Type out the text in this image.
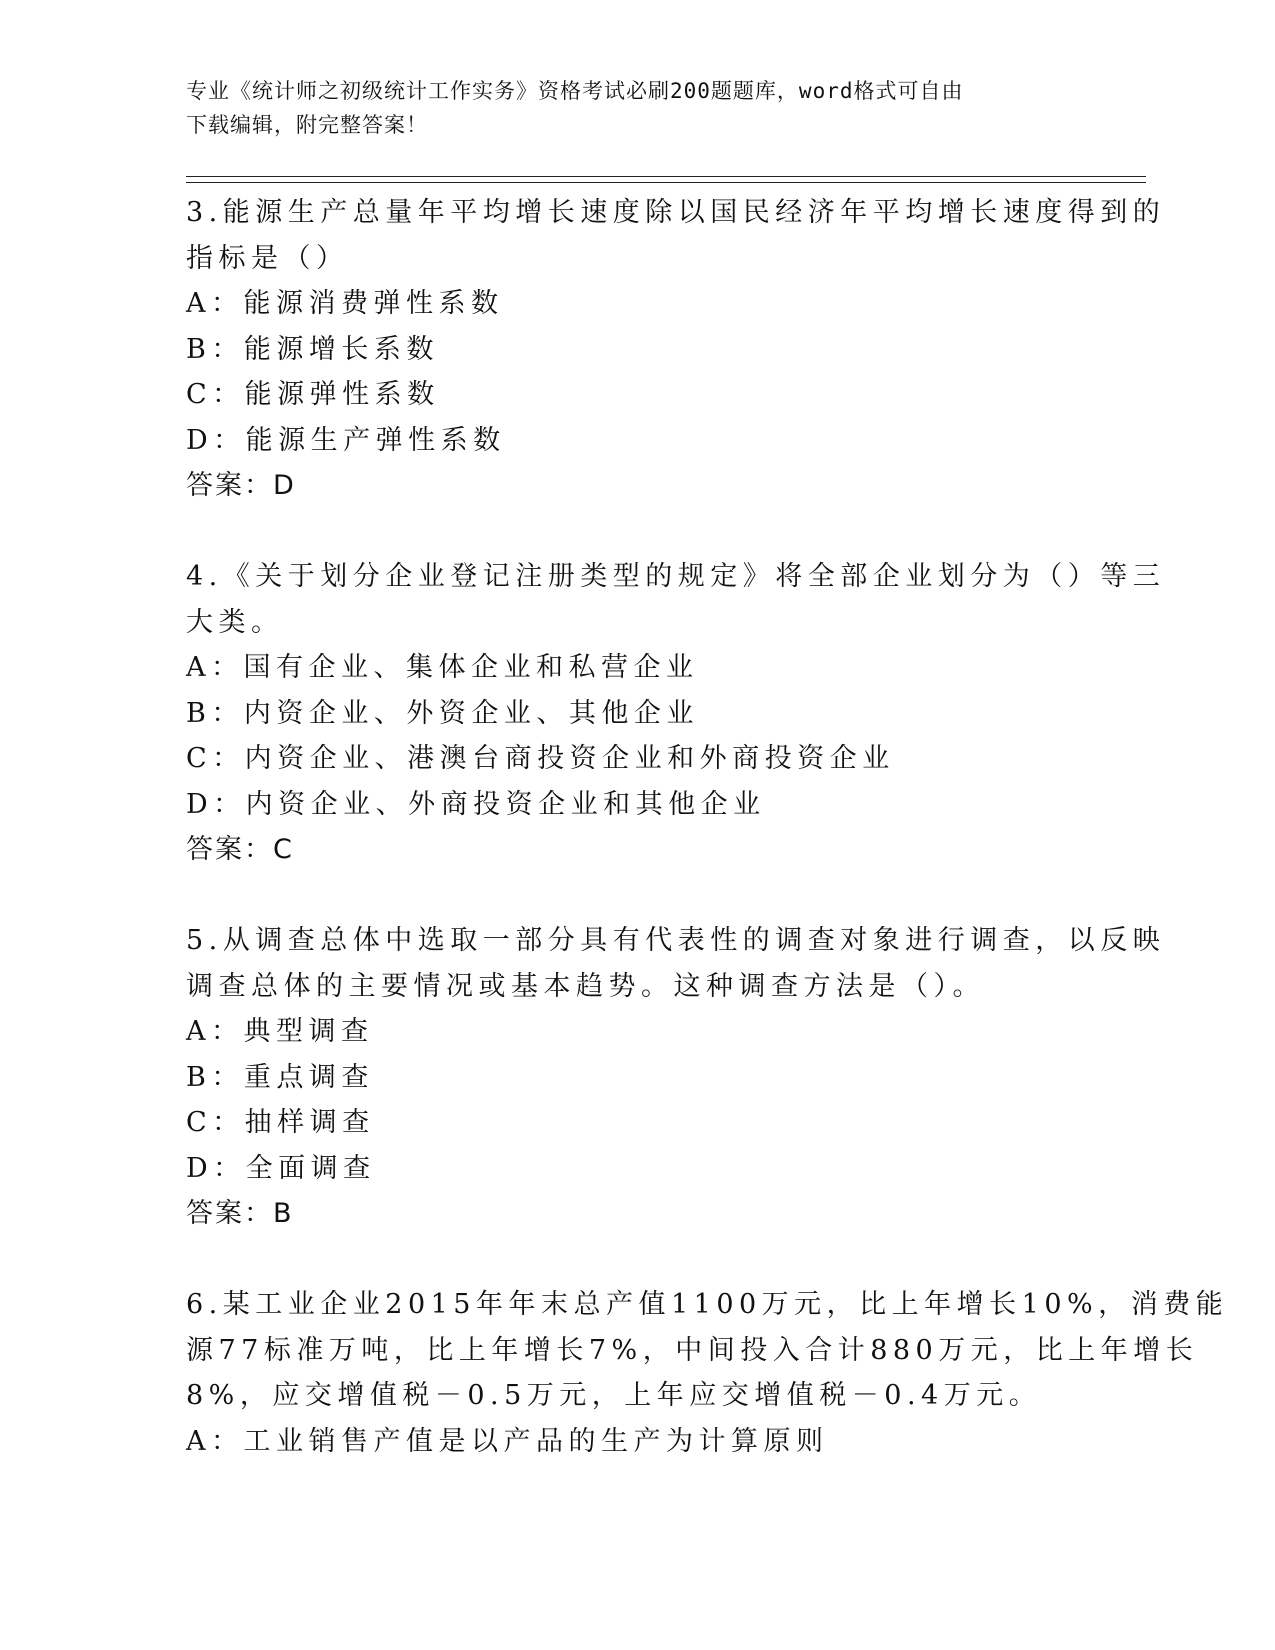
专业《统计师之初级统计工作实务》资格考试必刷200题题库，word格式可自由
下载编辑，附完整答案！
3.能源生产总量年平均增长速度除以国民经济年平均增长速度得到的
指标是（）
A：能源消费弹性系数
B：能源增长系数
C：能源弹性系数
D：能源生产弹性系数
答案：D
4.《关于划分企业登记注册类型的规定》将全部企业划分为（）等三
大类。
A：国有企业、集体企业和私营企业
B：内资企业、外资企业、其他企业
C：内资企业、港澳台商投资企业和外商投资企业
D：内资企业、外商投资企业和其他企业
答案：C
5.从调查总体中选取一部分具有代表性的调查对象进行调查，以反映
调查总体的主要情况或基本趋势。这种调查方法是（）。
A：典型调查
B：重点调查
C：抽样调查
D：全面调查
答案：B
6.某工业企业2015年年末总产值1100万元，比上年增长10%，消费能
源77标准万吨，比上年增长7%，中间投入合计880万元，比上年增长
8%，应交增值税－0.5万元，上年应交增值税－0.4万元。
A：工业销售产值是以产品的生产为计算原则
